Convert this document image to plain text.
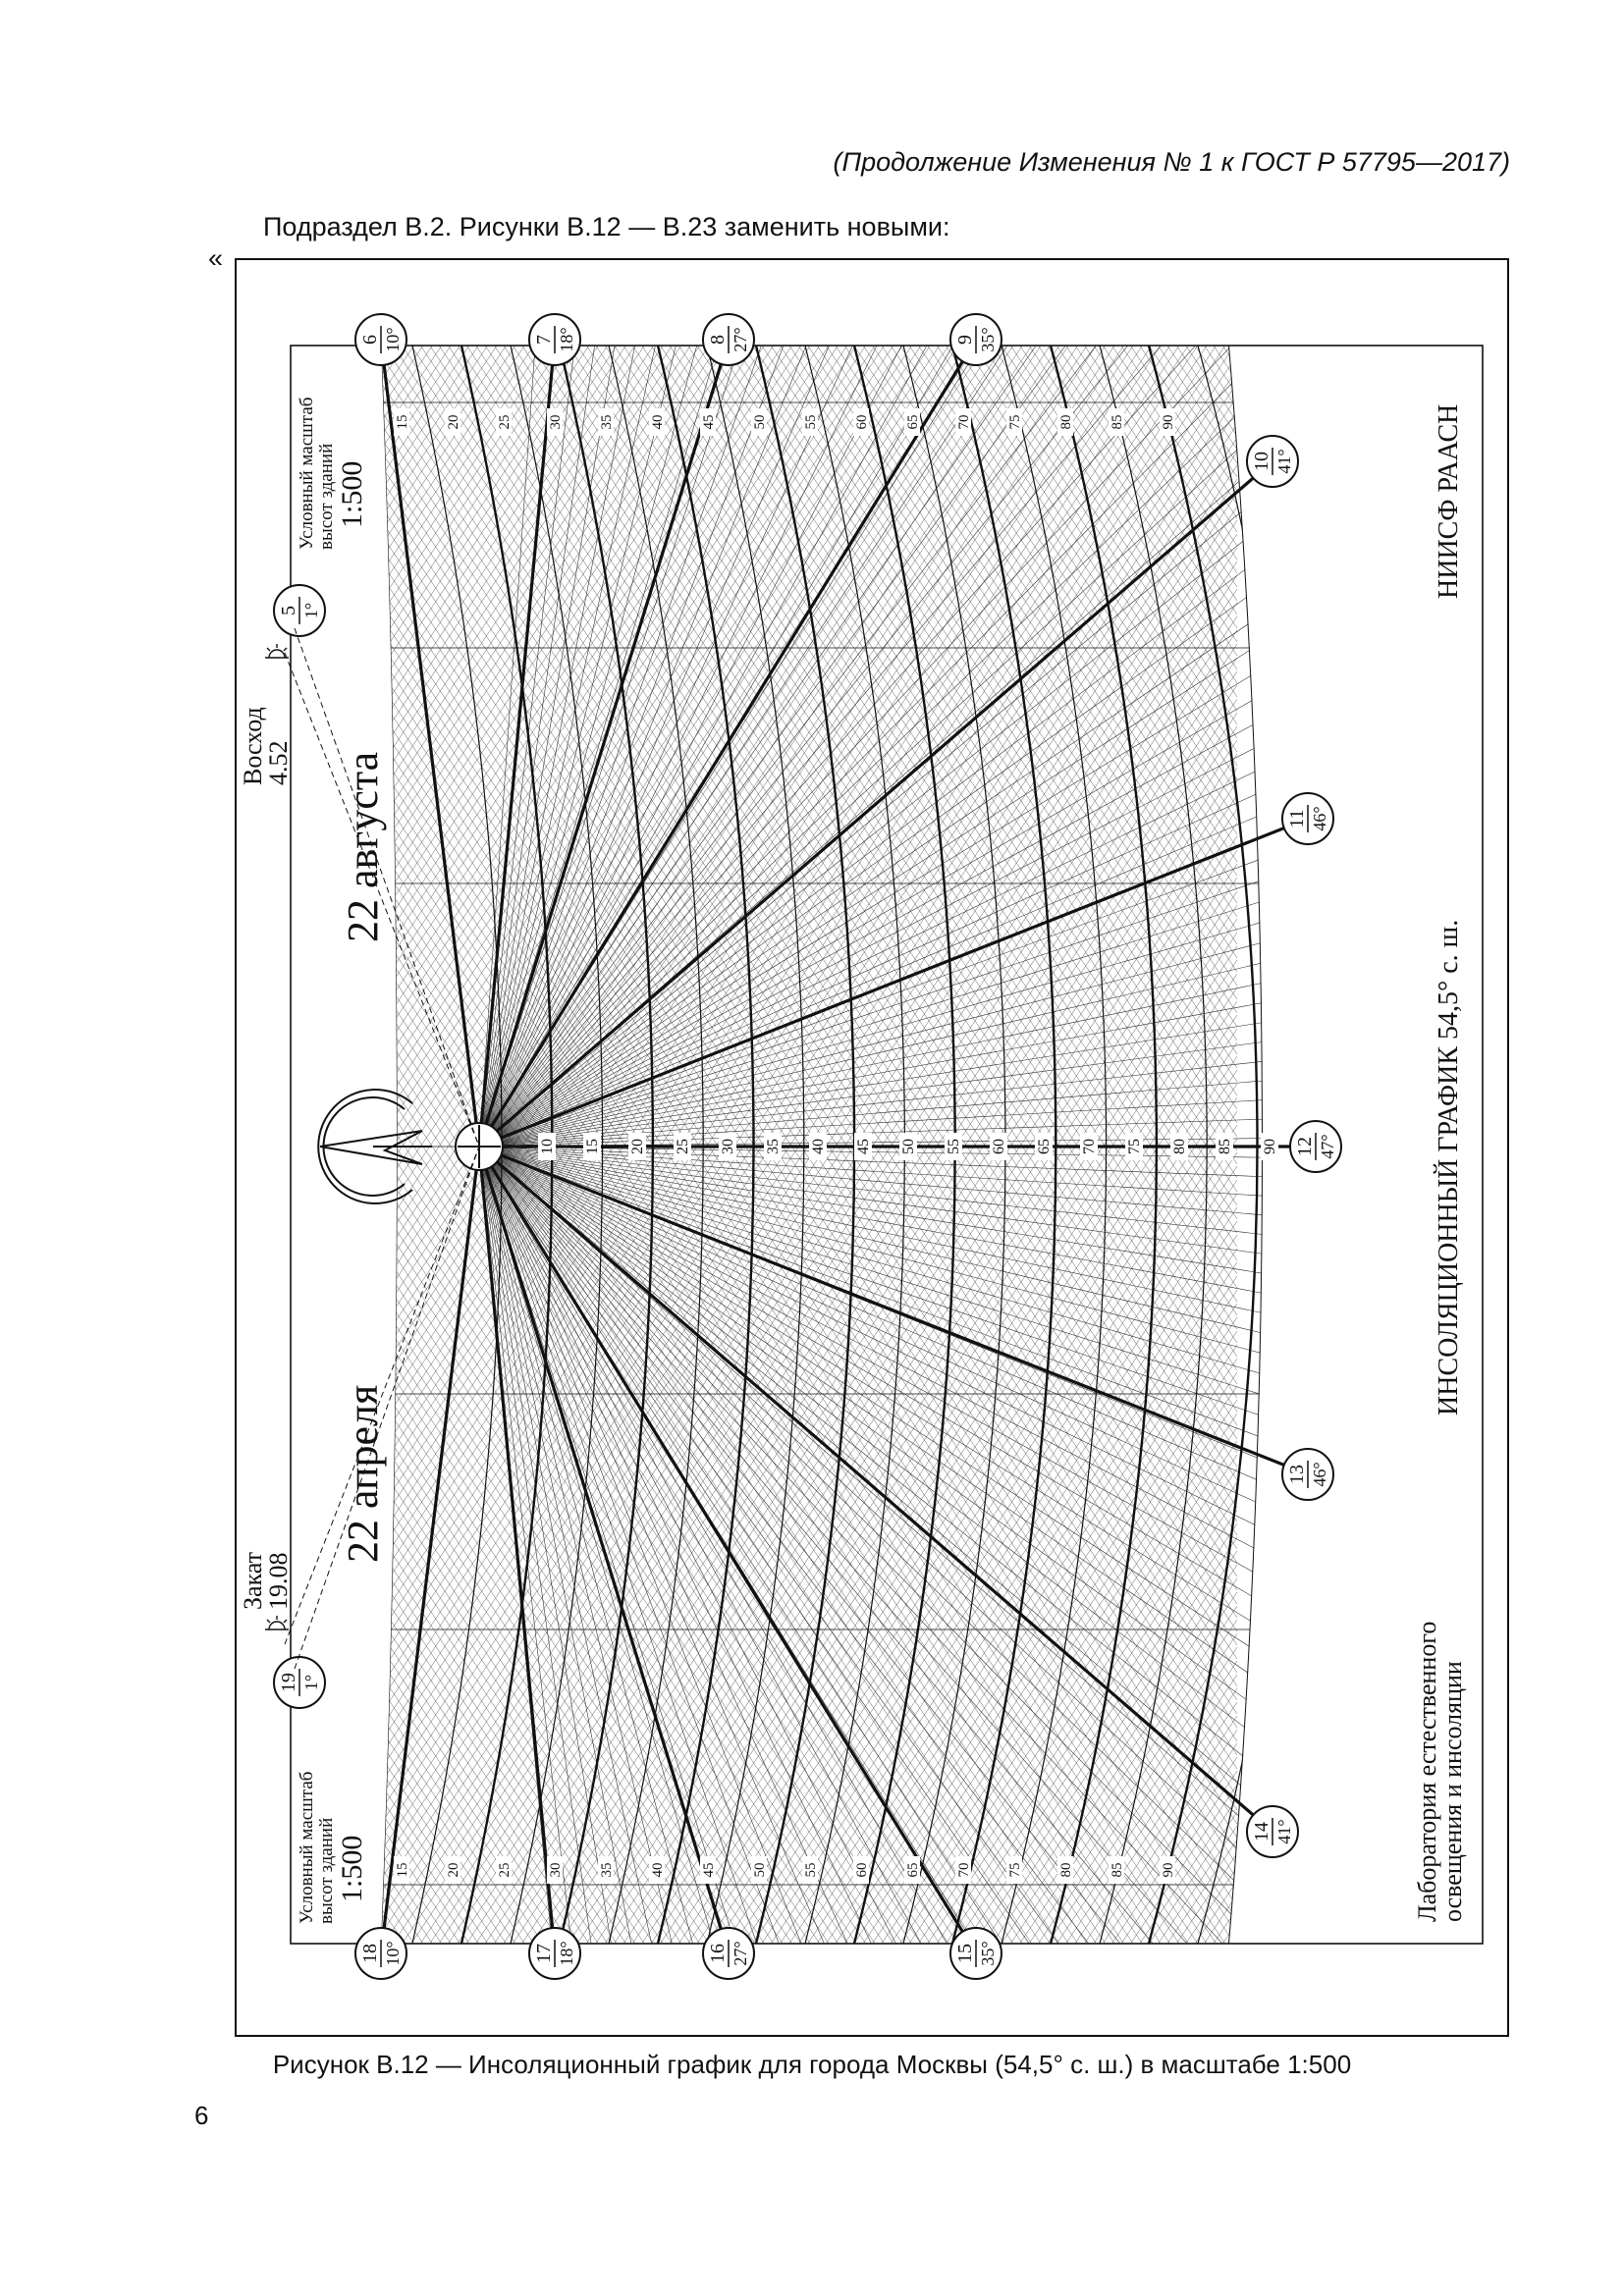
(Продолжение Изменения № 1 к ГОСТ Р 57795—2017)
Подраздел В.2. Рисунки В.12 — В.23 заменить новыми:
«
15
15
20
20
25
25
30
30
35
35
40
40
45
45
50
50
55
55
60
60
65
65
70
70
75
75
80
80
85
85
90
90
10 15 20 25 30 35 40 45 50 55 60 65 70 75 80 85 90
5 1°
6 10°	7 18°	8 27°	9 35°
10 41°
11 46°
12 47°
13 46°
14 41°
15 35°
16 27°
17 18°
18 10°
19 1°
Условный масштаб высот зданий 1:500
Условный масштаб высот зданий 1:500
Восход
4.52
Закат
19.08
22 августа
22 апреля
ИНСОЛЯЦИОННЫЙ ГРАФИК 54,5° с. ш.
НИИСФ РААСН
Лаборатория естественного
освещения и инсоляции
Рисунок В.12 — Инсоляционный график для города Москвы (54,5° с. ш.) в масштабе 1:500
6
